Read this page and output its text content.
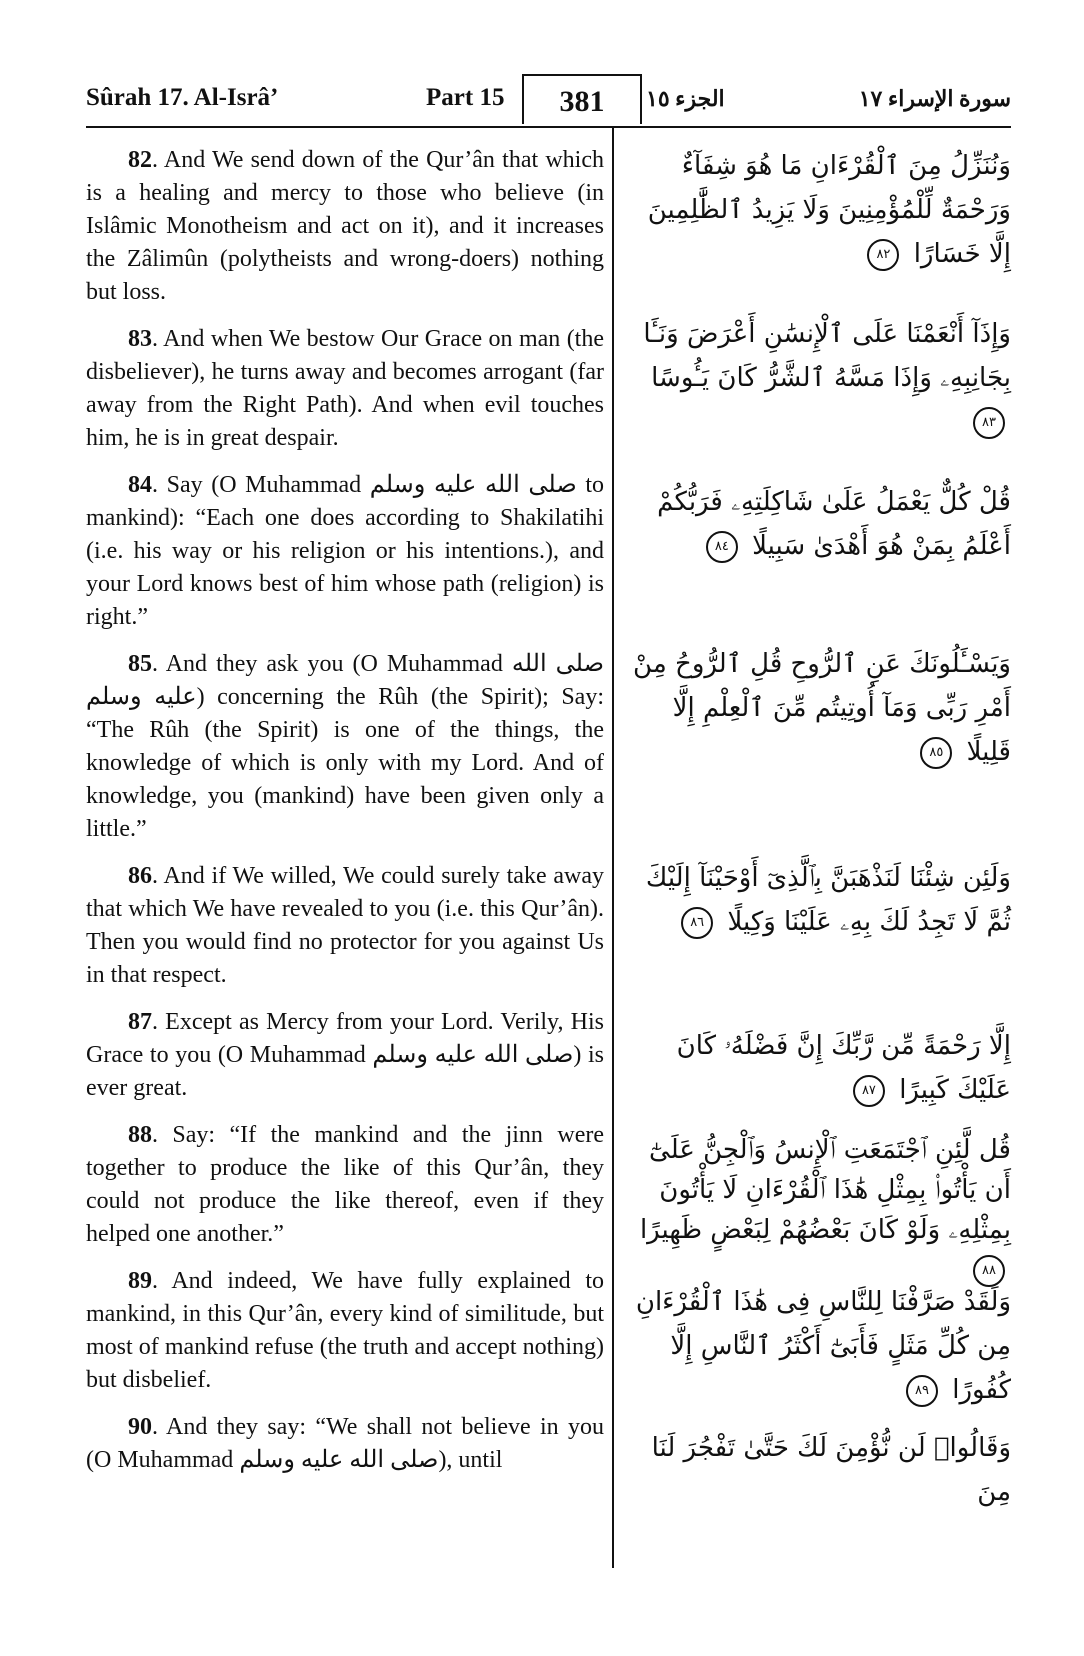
Sûrah 17. Al-Isrâ’	Part 15	381	الجزء ١٥	سورة الإسراء ١٧

82. And We send down of the Qur’ân that which is a healing and mercy to those who believe (in Islâmic Monotheism and act on it), and it increases the Zâlimûn (polytheists and wrong-doers) nothing but loss.

83. And when We bestow Our Grace on man (the disbeliever), he turns away and becomes arrogant (far away from the Right Path). And when evil touches him, he is in great despair.

84. Say (O Muhammad صلى الله عليه وسلم to mankind): “Each one does according to Shakilatihi (i.e. his way or his religion or his intentions.), and your Lord knows best of him whose path (religion) is right.”

85. And they ask you (O Muhammad صلى الله عليه وسلم) concerning the Rûh (the Spirit); Say: “The Rûh (the Spirit) is one of the things, the knowledge of which is only with my Lord. And of knowledge, you (mankind) have been given only a little.”

86. And if We willed, We could surely take away that which We have revealed to you (i.e. this Qur’ân). Then you would find no protector for you against Us in that respect.

87. Except as Mercy from your Lord. Verily, His Grace to you (O Muhammad صلى الله عليه وسلم) is ever great.

88. Say: “If the mankind and the jinn were together to produce the like of this Qur’ân, they could not produce the like thereof, even if they helped one another.”

89. And indeed, We have fully explained to mankind, in this Qur’ân, every kind of similitude, but most of mankind refuse (the truth and accept nothing) but disbelief.

90. And they say: “We shall not believe in you (O Muhammad صلى الله عليه وسلم), until

وَنُنَزِّلُ مِنَ ٱلْقُرْءَانِ مَا هُوَ شِفَآءٌ وَرَحْمَةٌ لِّلْمُؤْمِنِينَ وَلَا يَزِيدُ ٱلظَّٰلِمِينَ إِلَّا خَسَارًا ٨٢
وَإِذَآ أَنْعَمْنَا عَلَى ٱلْإِنسَٰنِ أَعْرَضَ وَنَـَٔا بِجَانِبِهِۦ وَإِذَا مَسَّهُ ٱلشَّرُّ كَانَ يَـُٔوسًا ٨٣
قُلْ كُلٌّ يَعْمَلُ عَلَىٰ شَاكِلَتِهِۦ فَرَبُّكُمْ أَعْلَمُ بِمَنْ هُوَ أَهْدَىٰ سَبِيلًا ٨٤
وَيَسْـَٔلُونَكَ عَنِ ٱلرُّوحِ قُلِ ٱلرُّوحُ مِنْ أَمْرِ رَبِّى وَمَآ أُوتِيتُم مِّنَ ٱلْعِلْمِ إِلَّا قَلِيلًا ٨٥
وَلَئِن شِئْنَا لَنَذْهَبَنَّ بِٱلَّذِىٓ أَوْحَيْنَآ إِلَيْكَ ثُمَّ لَا تَجِدُ لَكَ بِهِۦ عَلَيْنَا وَكِيلًا ٨٦
إِلَّا رَحْمَةً مِّن رَّبِّكَ إِنَّ فَضْلَهُۥ كَانَ عَلَيْكَ كَبِيرًا ٨٧
قُل لَّئِنِ ٱجْتَمَعَتِ ٱلْإِنسُ وَٱلْجِنُّ عَلَىٰٓ أَن يَأْتُوا۟ بِمِثْلِ هَٰذَا ٱلْقُرْءَانِ لَا يَأْتُونَ بِمِثْلِهِۦ وَلَوْ كَانَ بَعْضُهُمْ لِبَعْضٍ ظَهِيرًا ٨٨
وَلَقَدْ صَرَّفْنَا لِلنَّاسِ فِى هَٰذَا ٱلْقُرْءَانِ مِن كُلِّ مَثَلٍ فَأَبَىٰٓ أَكْثَرُ ٱلنَّاسِ إِلَّا كُفُورًا ٨٩
وَقَالُوا۟ لَن نُّؤْمِنَ لَكَ حَتَّىٰ تَفْجُرَ لَنَا مِنَ
